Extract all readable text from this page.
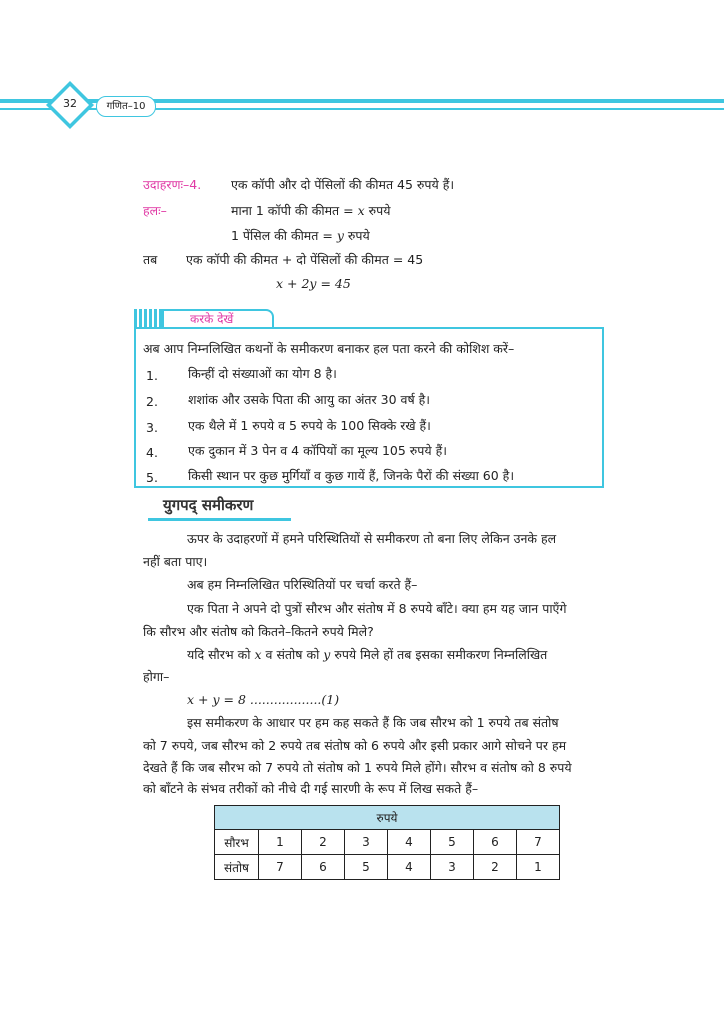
32	गणित–10
उदाहरणः–4. एक कॉपी और दो पेंसिलों की कीमत 45 रुपये हैं।
हलः–	माना 1 कॉपी की कीमत = x रुपये
1 पेंसिल की कीमत = y रुपये
तब एक कॉपी की कीमत + दो पेंसिलों की कीमत = 45
x + 2y = 45
करके देखें
अब आप निम्नलिखित कथनों के समीकरण बनाकर हल पता करने की कोशिश करें–
1. किन्हीं दो संख्याओं का योग 8 है।
2. शशांक और उसके पिता की आयु का अंतर 30 वर्ष है।
3. एक थैले में 1 रुपये व 5 रुपये के 100 सिक्के रखे हैं।
4. एक दुकान में 3 पेन व 4 कॉपियों का मूल्य 105 रुपये हैं।
5. किसी स्थान पर कुछ मुर्गियाँ व कुछ गायें हैं, जिनके पैरों की संख्या 60 है।
युगपद् समीकरण
ऊपर के उदाहरणों में हमने परिस्थितियों से समीकरण तो बना लिए लेकिन उनके हल
नहीं बता पाए।
अब हम निम्नलिखित परिस्थितियों पर चर्चा करते हैं–
एक पिता ने अपने दो पुत्रों सौरभ और संतोष में 8 रुपये बाँटे। क्या हम यह जान पाएँगे
कि सौरभ और संतोष को कितने–कितने रुपये मिले?
यदि सौरभ को x व संतोष को y रुपये मिले हों तब इसका समीकरण निम्नलिखित
होगा–
x + y = 8 ..................(1)
इस समीकरण के आधार पर हम कह सकते हैं कि जब सौरभ को 1 रुपये तब संतोष
को 7 रुपये, जब सौरभ को 2 रुपये तब संतोष को 6 रुपये और इसी प्रकार आगे सोचने पर हम
देखते हैं कि जब सौरभ को 7 रुपये तो संतोष को 1 रुपये मिले होंगे। सौरभ व संतोष को 8 रुपये
को बाँटने के संभव तरीकों को नीचे दी गई सारणी के रूप में लिख सकते हैं–
रुपये							
सौरभ	1	2	3	4	5	6	7
संतोष	7	6	5	4	3	2	1
